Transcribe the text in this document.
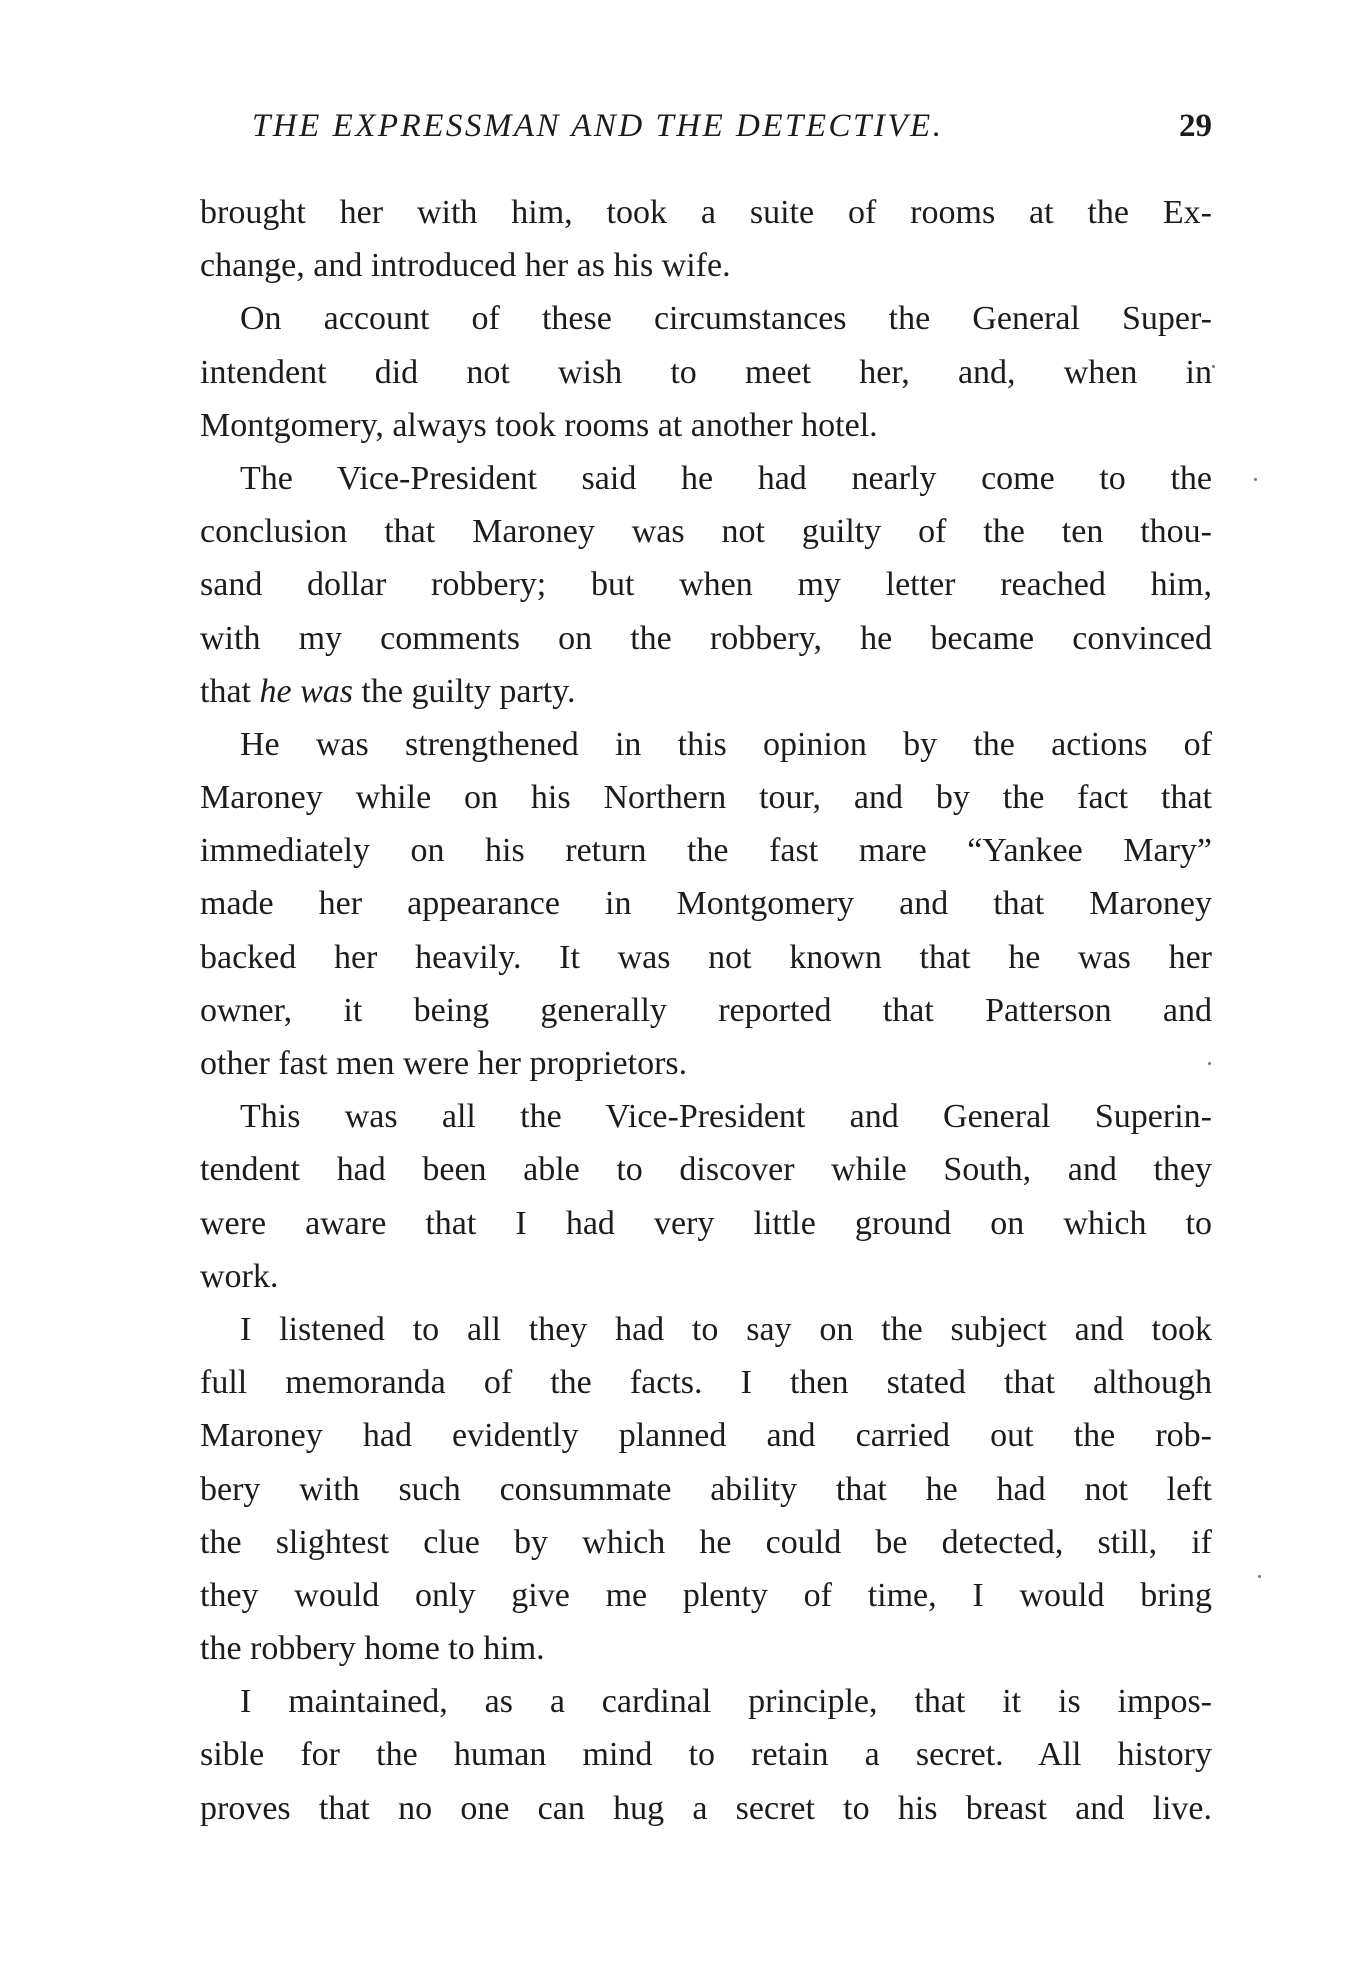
THE EXPRESSMAN AND THE DETECTIVE.	29
brought her with him, took a suite of rooms at the Ex-
change, and introduced her as his wife.
On account of these circumstances the General Super-
intendent did not wish to meet her, and, when in
Montgomery, always took rooms at another hotel.
The Vice-President said he had nearly come to the
conclusion that Maroney was not guilty of the ten thou-
sand dollar robbery; but when my letter reached him,
with my comments on the robbery, he became convinced
that he was the guilty party.
He was strengthened in this opinion by the actions of
Maroney while on his Northern tour, and by the fact that
immediately on his return the fast mare “Yankee Mary”
made her appearance in Montgomery and that Maroney
backed her heavily. It was not known that he was her
owner, it being generally reported that Patterson and
other fast men were her proprietors.
This was all the Vice-President and General Superin-
tendent had been able to discover while South, and they
were aware that I had very little ground on which to
work.
I listened to all they had to say on the subject and took
full memoranda of the facts. I then stated that although
Maroney had evidently planned and carried out the rob-
bery with such consummate ability that he had not left
the slightest clue by which he could be detected, still, if
they would only give me plenty of time, I would bring
the robbery home to him.
I maintained, as a cardinal principle, that it is impos-
sible for the human mind to retain a secret. All history
proves that no one can hug a secret to his breast and live.
